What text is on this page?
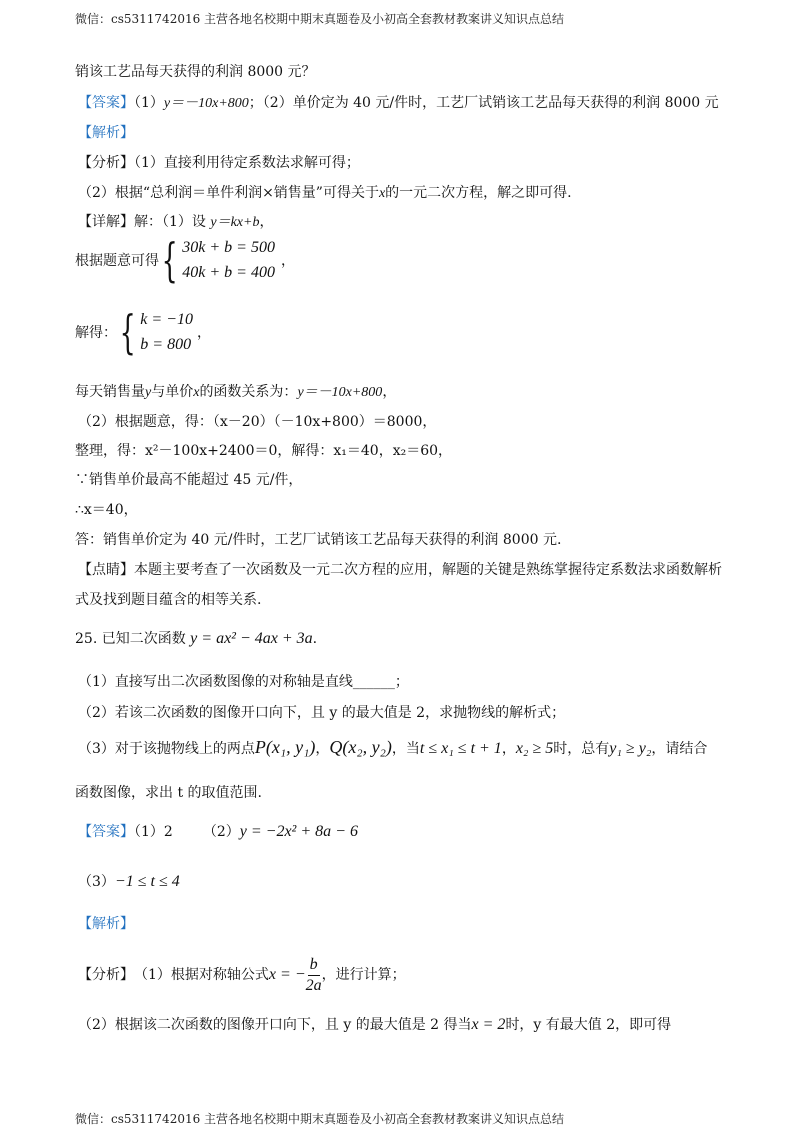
微信：cs5311742016 主营各地名校期中期末真题卷及小初高全套教材教案讲义知识点总结
销该工艺品每天获得的利润 8000 元？
【答案】（1）y＝－10x+800；（2）单价定为 40 元/件时，工艺厂试销该工艺品每天获得的利润 8000 元
【解析】
【分析】（1）直接利用待定系数法求解可得；
（2）根据“总利润＝单件利润×销售量”可得关于x的一元二次方程，解之即可得.
【详解】解：（1）设 y＝kx+b，
根据题意可得 { 30k + b = 500
40k + b = 400
，
解得： { k = −10
b = 800
，
每天销售量y与单价x的函数关系为：y＝－10x+800，
（2）根据题意，得：（x－20）（－10x+800）＝8000，
整理，得：x²－100x+2400＝0，解得：x₁＝40，x₂＝60，
∵销售单价最高不能超过 45 元/件，
∴x＝40，
答：销售单价定为 40 元/件时，工艺厂试销该工艺品每天获得的利润 8000 元.
【点睛】本题主要考查了一次函数及一元二次方程的应用，解题的关键是熟练掌握待定系数法求函数解析
式及找到题目蕴含的相等关系.
25. 已知二次函数 y = ax² − 4ax + 3a.
（1）直接写出二次函数图像的对称轴是直线______；
（2）若该二次函数的图像开口向下，且 y 的最大值是 2，求抛物线的解析式；
（3）对于该抛物线上的两点P(x₁, y₁)，Q(x₂, y₂)，当t ≤ x₁ ≤ t + 1，x₂ ≥ 5时，总有y₁ ≥ y₂，请结合
函数图像，求出 t 的取值范围.
【答案】（1）2 （2）y = −2x² + 8a − 6
（3）−1 ≤ t ≤ 4
【解析】
【分析】 （1）根据对称轴公式 x = − $\frac{b}{2a}$ ，进行计算；
（2）根据该二次函数的图像开口向下，且 y 的最大值是 2 得当x = 2时，y 有最大值 2，即可得
微信：cs5311742016 主营各地名校期中期末真题卷及小初高全套教材教案讲义知识点总结
